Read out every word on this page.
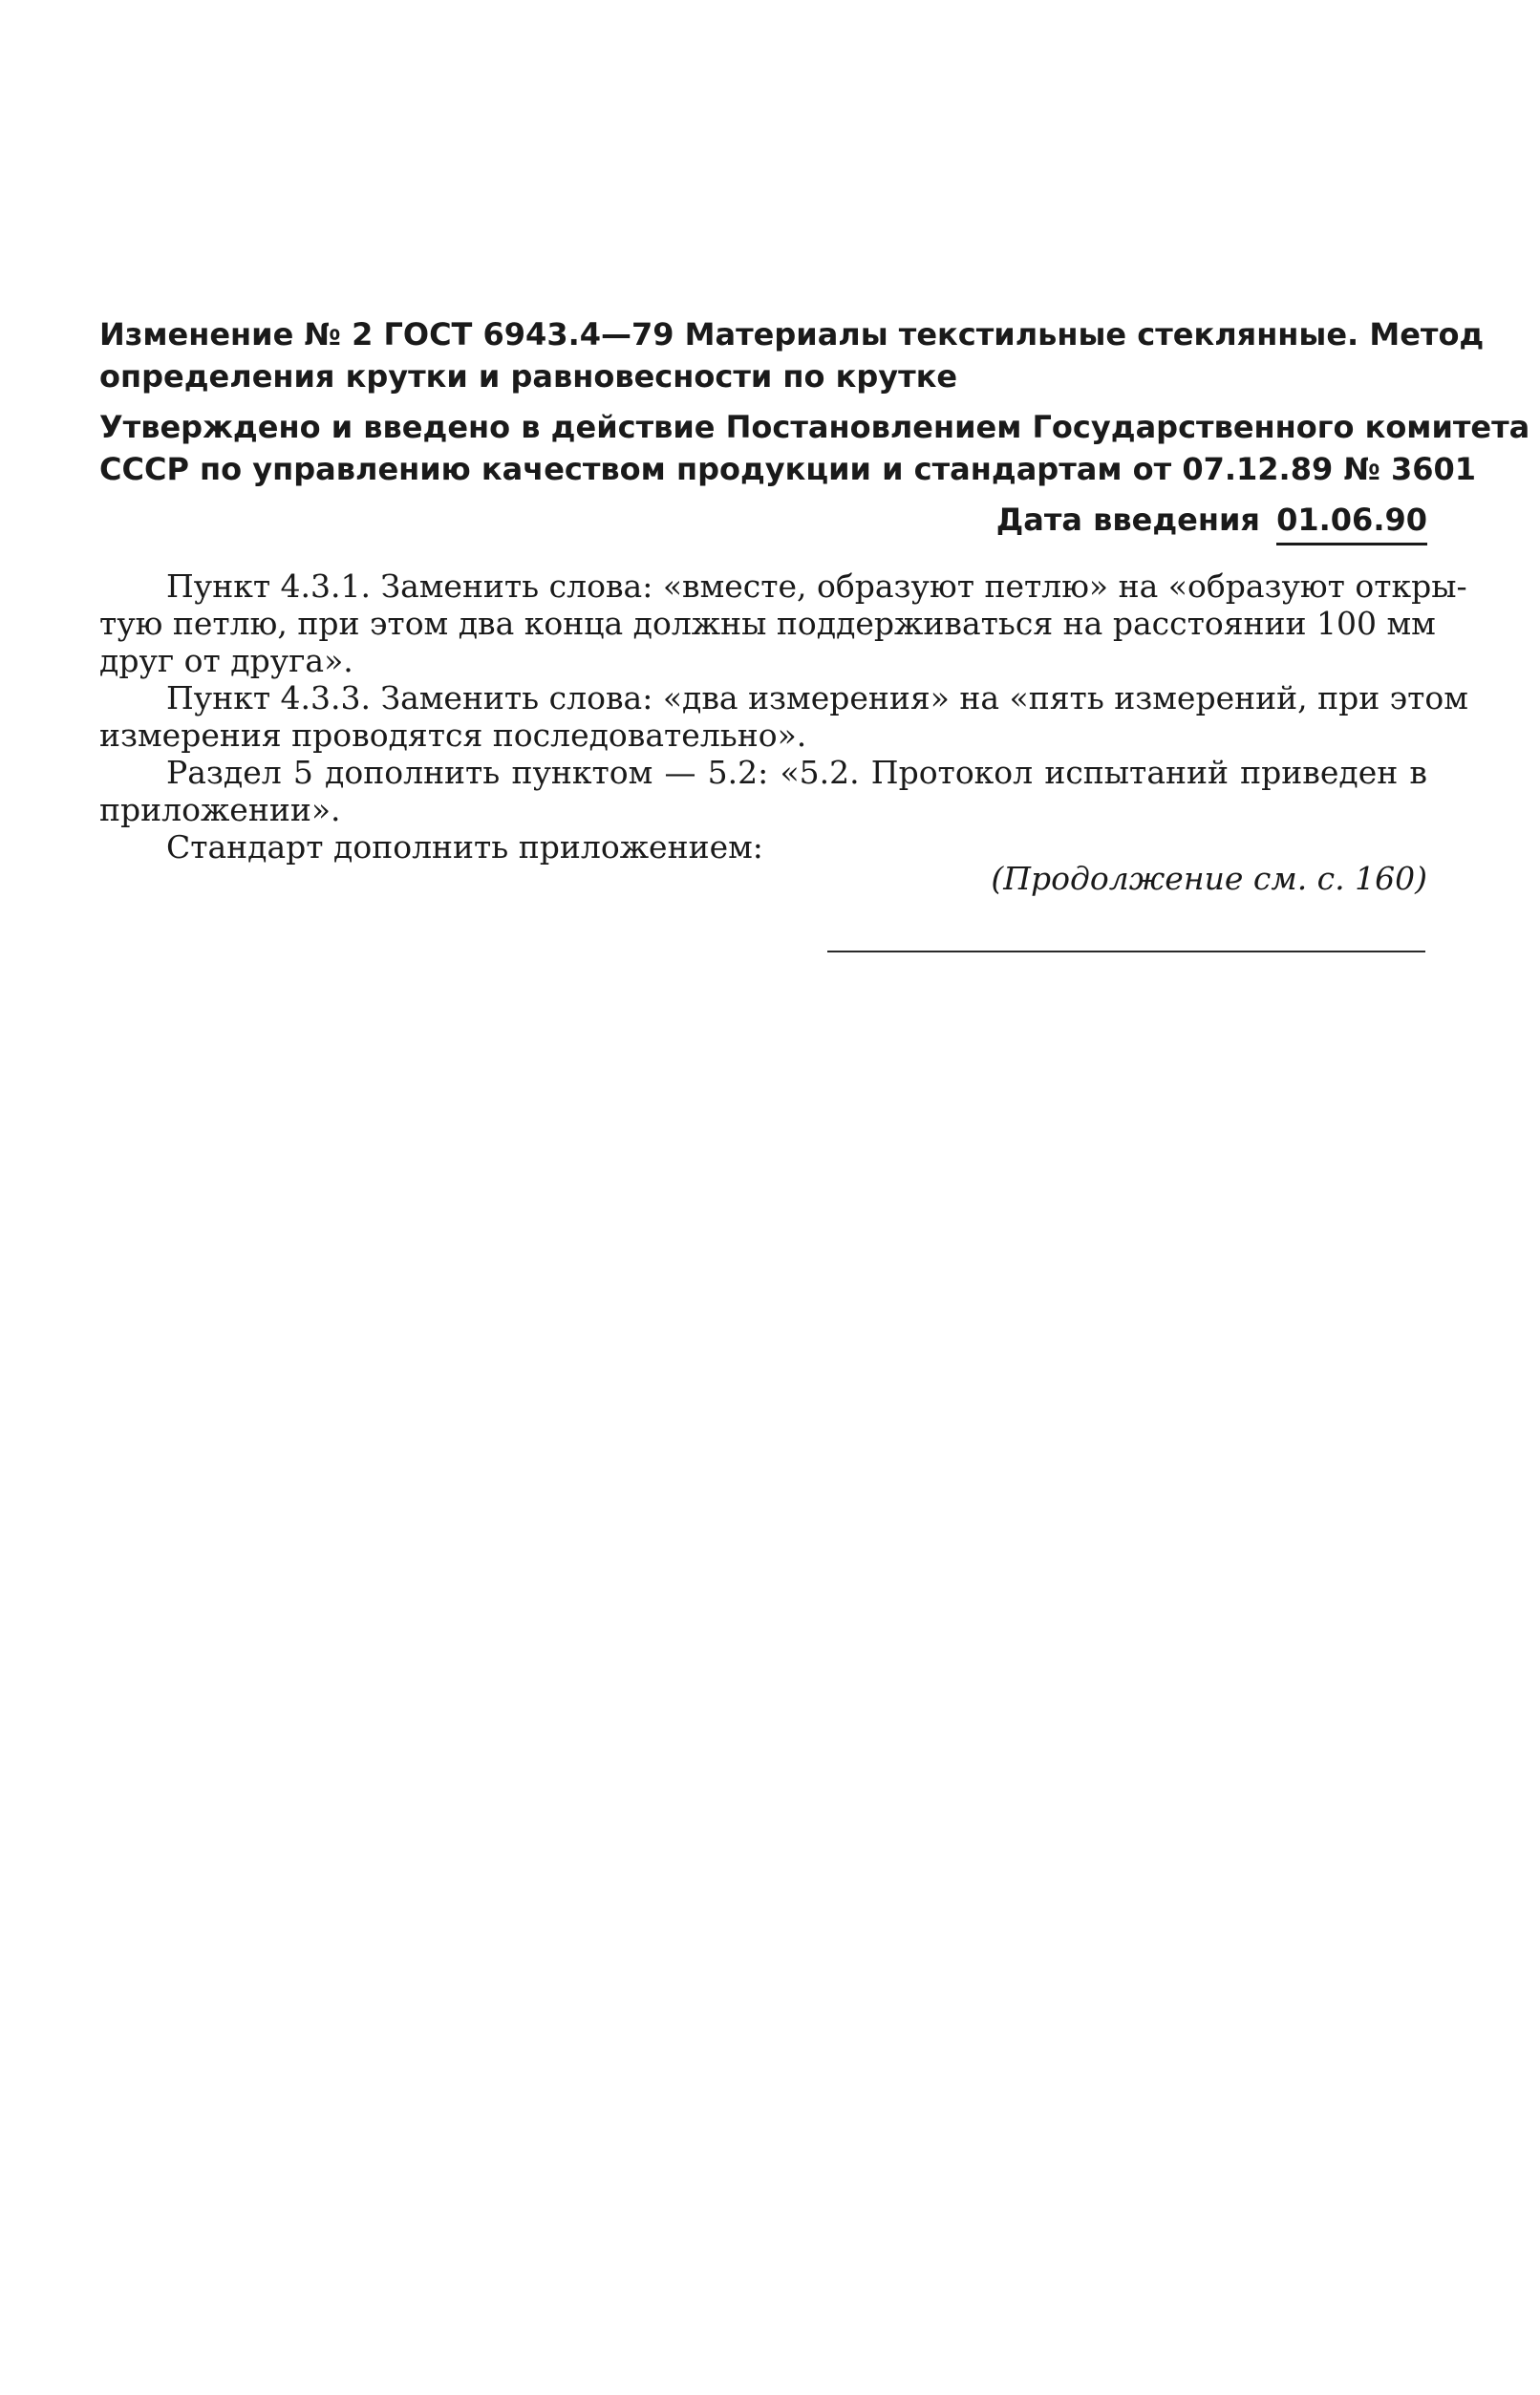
Изменение № 2 ГОСТ 6943.4—79 Материалы текстильные стеклянные. Метод
определения крутки и равновесности по крутке
Утверждено и введено в действие Постановлением Государственного комитета
СССР по управлению качеством продукции и стандартам от 07.12.89 № 3601
Дата введения 01.06.90
Пункт 4.3.1. Заменить слова: «вместе, образуют петлю» на «образуют откры-
тую петлю, при этом два конца должны поддерживаться на расстоянии 100 мм
друг от друга».
Пункт 4.3.3. Заменить слова: «два измерения» на «пять измерений, при этом
измерения проводятся последовательно».
Раздел 5 дополнить пунктом — 5.2: «5.2. Протокол испытаний приведен в
приложении».
Стандарт дополнить приложением:
(Продолжение см. с. 160)
